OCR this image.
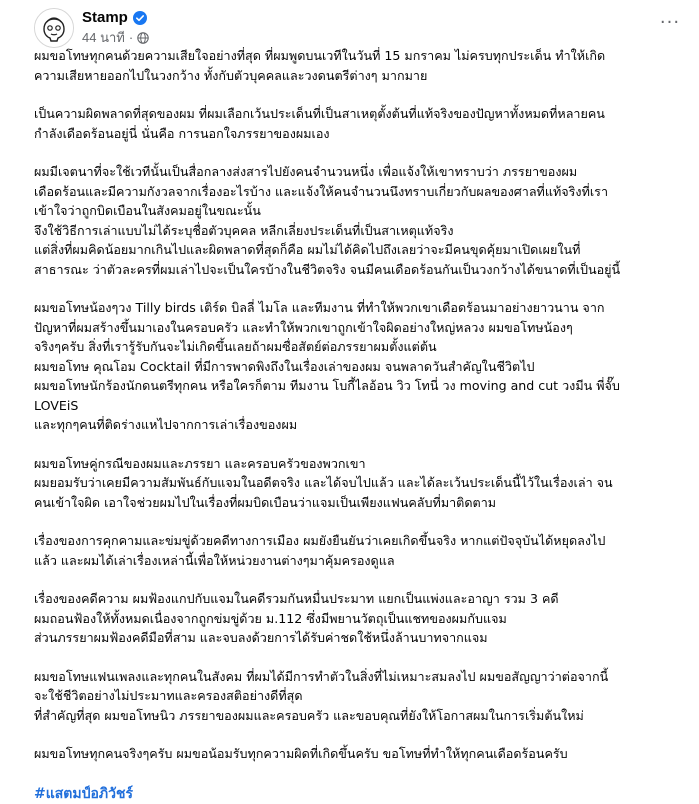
Stamp
44 นาที ·
···

ผมขอโทษทุกคนด้วยความเสียใจอย่างที่สุด ที่ผมพูดบนเวทีในวันที่ 15 มกราคม ไม่ครบทุกประเด็น ทำให้เกิด
ความเสียหายออกไปในวงกว้าง ทั้งกับตัวบุคคลและวงดนตรีต่างๆ มากมาย

เป็นความผิดพลาดที่สุดของผม ที่ผมเลือกเว้นประเด็นที่เป็นสาเหตุตั้งต้นที่แท้จริงของปัญหาทั้งหมดที่หลายคน
กำลังเดือดร้อนอยู่นี่ นั่นคือ การนอกใจภรรยาของผมเอง

ผมมีเจตนาที่จะใช้เวทีนั้นเป็นสื่อกลางส่งสารไปยังคนจำนวนหนึ่ง เพื่อแจ้งให้เขาทราบว่า ภรรยาของผม
เดือดร้อนและมีความกังวลจากเรื่องอะไรบ้าง และแจ้งให้คนจำนวนนึงทราบเกี่ยวกับผลของศาลที่แท้จริงที่เรา
เข้าใจว่าถูกบิดเบือนในสังคมอยู่ในขณะนั้น
จึงใช้วิธีการเล่าแบบไม่ได้ระบุชื่อตัวบุคคล หลีกเลี่ยงประเด็นที่เป็นสาเหตุแท้จริง
แต่สิ่งที่ผมคิดน้อยมากเกินไปและผิดพลาดที่สุดก็คือ ผมไม่ได้คิดไปถึงเลยว่าจะมีคนขุดคุ้ยมาเปิดเผยในที่
สาธารณะ ว่าตัวละครที่ผมเล่าไปจะเป็นใครบ้างในชีวิตจริง จนมีคนเดือดร้อนกันเป็นวงกว้างได้ขนาดที่เป็นอยู่นี้

ผมขอโทษน้องๆวง Tilly birds เติร์ด บิลลี่ ไมโล และทีมงาน ที่ทำให้พวกเขาเดือดร้อนมาอย่างยาวนาน จาก
ปัญหาที่ผมสร้างขึ้นมาเองในครอบครัว และทำให้พวกเขาถูกเข้าใจผิดอย่างใหญ่หลวง ผมขอโทษน้องๆ
จริงๆครับ สิ่งที่เรารู้รับกันจะไม่เกิดขึ้นเลยถ้าผมซื่อสัตย์ต่อภรรยาผมตั้งแต่ต้น
ผมขอโทษ คุณโอม Cocktail ที่มีการพาดพิงถึงในเรื่องเล่าของผม จนพลาดวันสำคัญในชีวิตไป
ผมขอโทษนักร้องนักดนตรีทุกคน หรือใครก็ตาม ทีมงาน โบกี้ไลอ้อน วิว โทนี่ วง moving and cut วงมีน พี่จั๊บ
LOVEiS
และทุกๆคนที่ติดร่างแหไปจากการเล่าเรื่องของผม

ผมขอโทษคู่กรณีของผมและภรรยา และครอบครัวของพวกเขา
ผมยอมรับว่าเคยมีความสัมพันธ์กับแจมในอดีตจริง และได้จบไปแล้ว และได้ละเว้นประเด็นนี้ไว้ในเรื่องเล่า จน
คนเข้าใจผิด เอาใจช่วยผมไปในเรื่องที่ผมบิดเบือนว่าแจมเป็นเพียงแฟนคลับที่มาติดตาม

เรื่องของการคุกคามและข่มขู่ด้วยคดีทางการเมือง ผมยังยืนยันว่าเคยเกิดขึ้นจริง หากแต่ปัจจุบันได้หยุดลงไป
แล้ว และผมได้เล่าเรื่องเหล่านี้เพื่อให้หน่วยงานต่างๆมาคุ้มครองดูแล

เรื่องของคดีความ ผมฟ้องแกปกับแจมในคดีรวมกันหมื่นประมาท แยกเป็นแพ่งและอาญา รวม 3 คดี
ผมถอนฟ้องให้ทั้งหมดเนื่องจากถูกข่มขู่ด้วย ม.112 ซึ่งมีพยานวัตถุเป็นแชทของผมกับแจม
ส่วนภรรยาผมฟ้องคดีมือที่สาม และจบลงด้วยการได้รับค่าชดใช้หนึ่งล้านบาทจากแจม

ผมขอโทษแฟนเพลงและทุกคนในสังคม ที่ผมได้มีการทำตัวในสิ่งที่ไม่เหมาะสมลงไป ผมขอสัญญาว่าต่อจากนี้
จะใช้ชีวิตอย่างไม่ประมาทและครองสติอย่างดีที่สุด
ที่สำคัญที่สุด ผมขอโทษนิว ภรรยาของผมและครอบครัว และขอบคุณที่ยังให้โอกาสผมในการเริ่มต้นใหม่

ผมขอโทษทุกคนจริงๆครับ ผมขอน้อมรับทุกความผิดที่เกิดขึ้นครับ ขอโทษที่ทำให้ทุกคนเดือดร้อนครับ

#แสตมป์อภิวัชร์
